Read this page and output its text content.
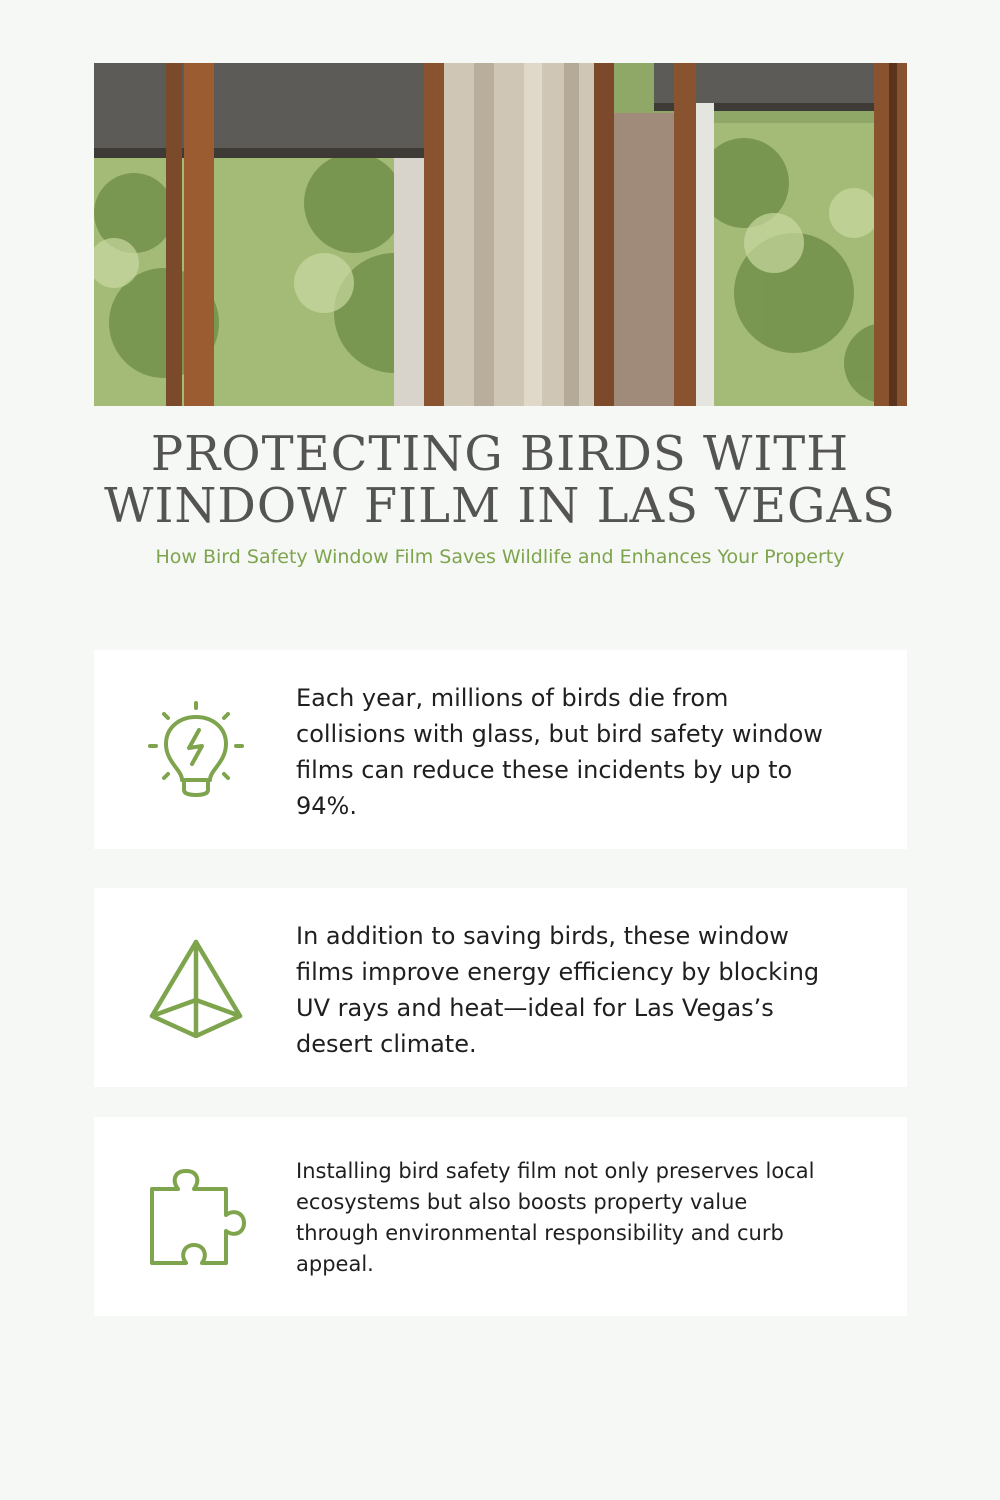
PROTECTING BIRDS WITH WINDOW FILM IN LAS VEGAS

How Bird Safety Window Film Saves Wildlife and Enhances Your Property

Each year, millions of birds die from collisions with glass, but bird safety window films can reduce these incidents by up to 94%.
In addition to saving birds, these window films improve energy efficiency by blocking UV rays and heat—ideal for Las Vegas’s desert climate.
Installing bird safety film not only preserves local ecosystems but also boosts property value through environmental responsibility and curb appeal.
